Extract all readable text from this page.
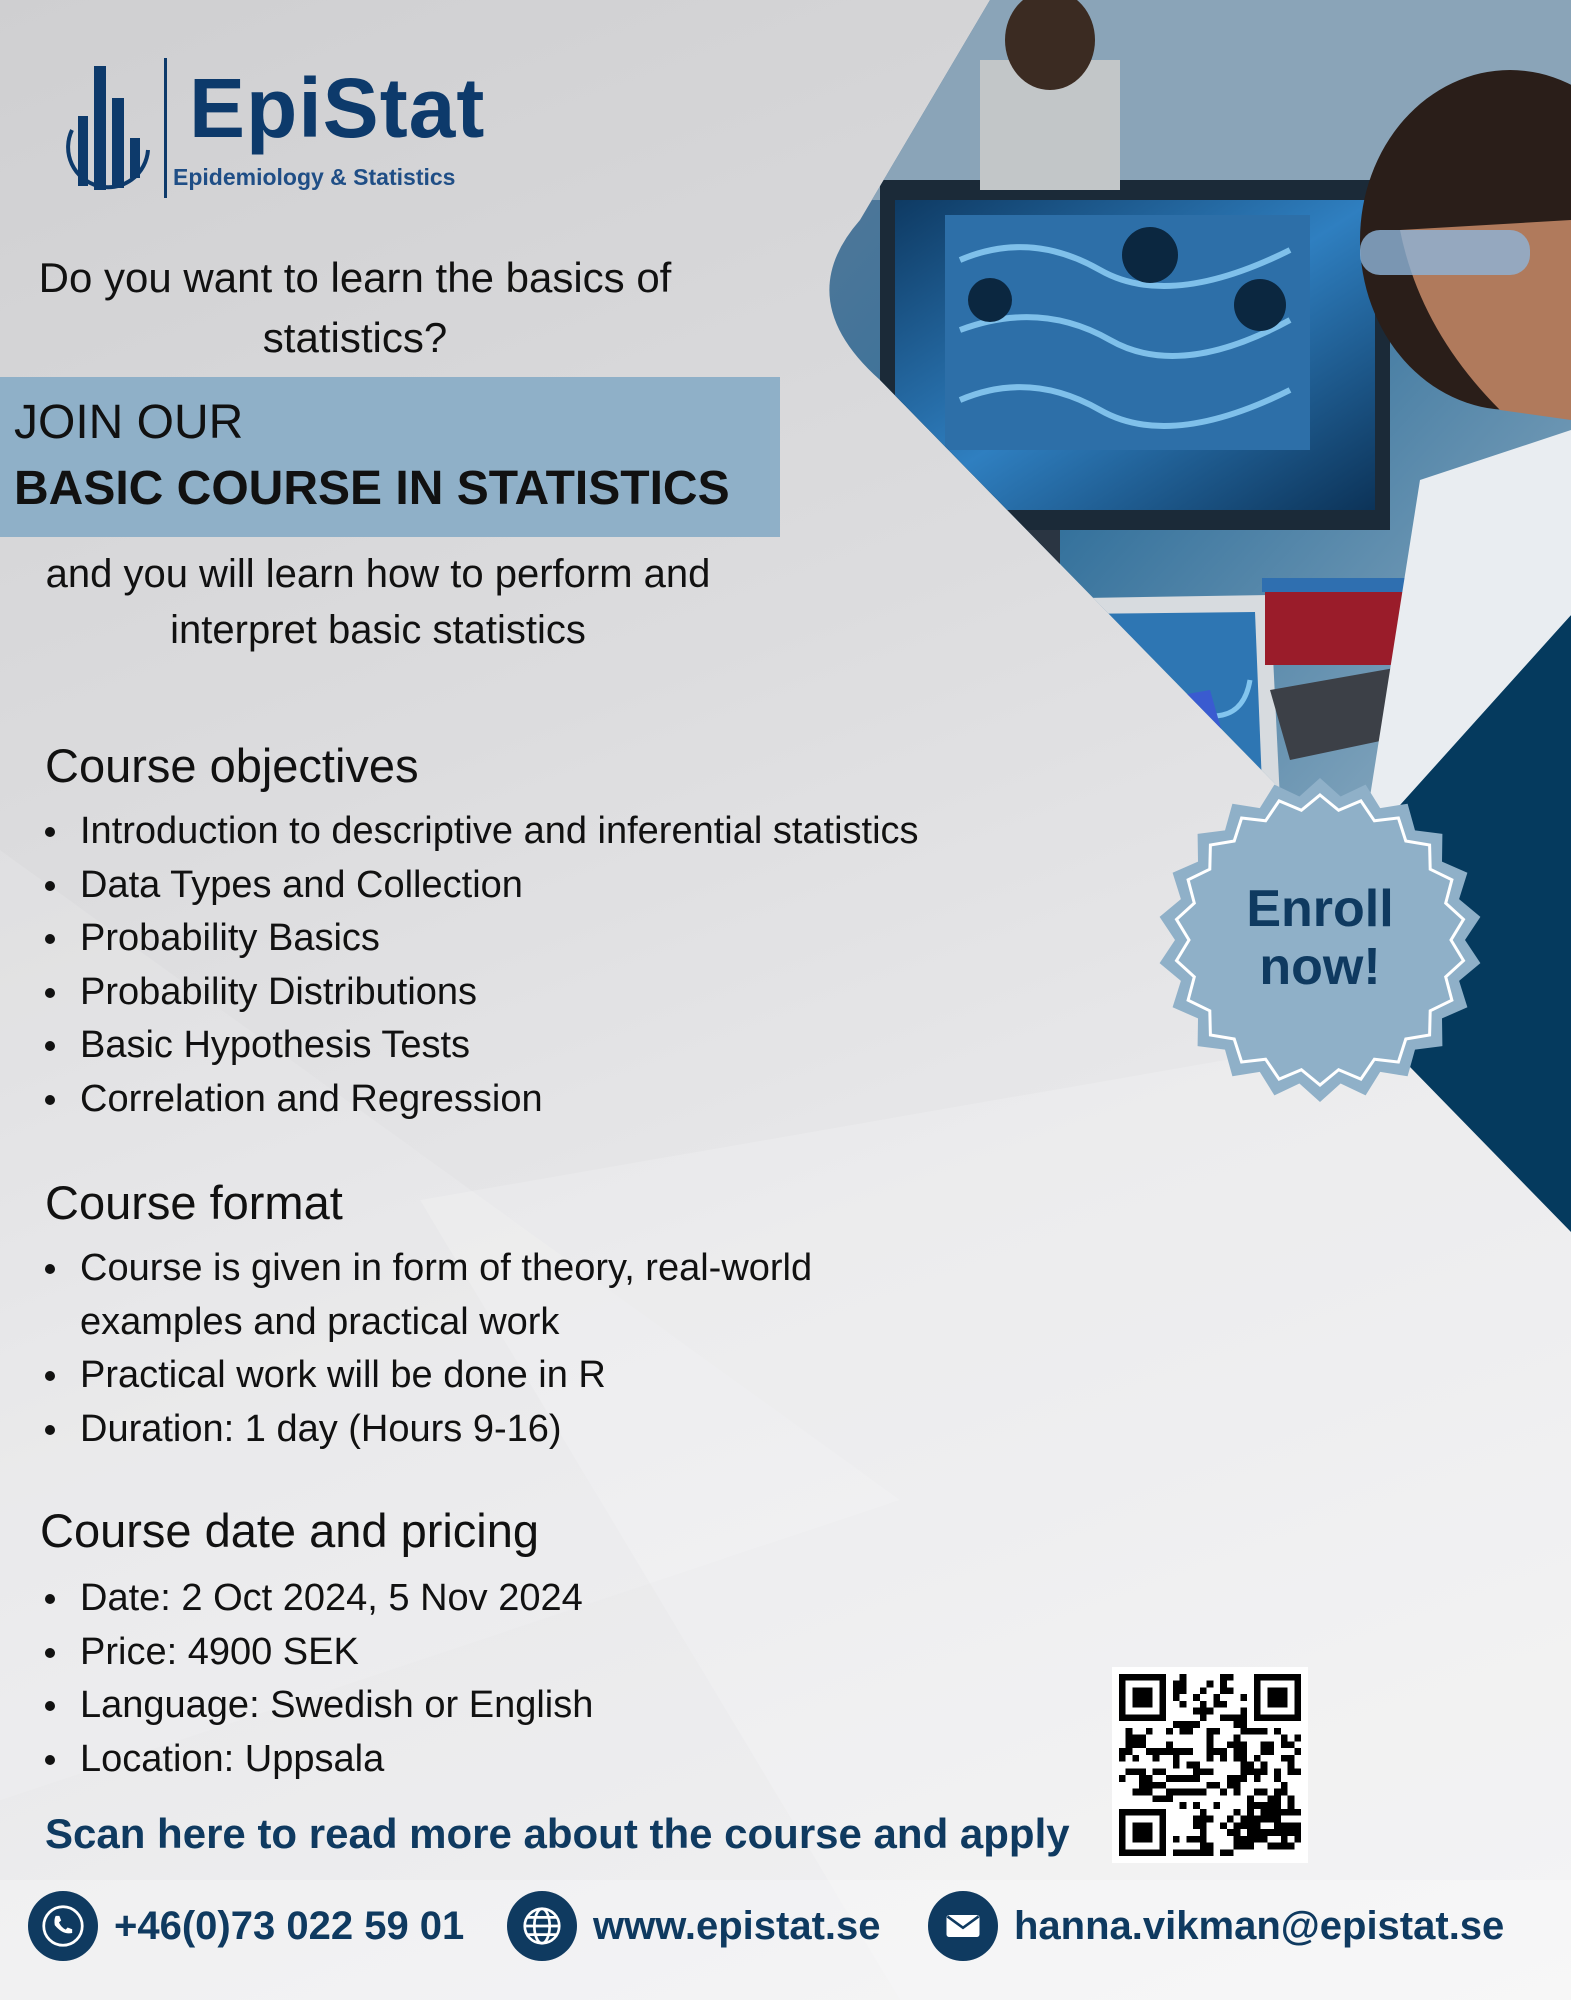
EpiStat
Epidemiology & Statistics
Do you want to learn the basics of statistics?
JOIN OUR
BASIC COURSE IN STATISTICS
and you will learn how to perform and interpret basic statistics
Course objectives
Introduction to descriptive and inferential statistics
Data Types and Collection
Probability Basics
Probability Distributions
Basic Hypothesis Tests
Correlation and Regression
Course format
Course is given in form of theory, real-world examples and practical work
Practical work will be done in R
Duration: 1 day (Hours 9-16)
Course date and pricing
Date: 2 Oct 2024, 5 Nov 2024
Price: 4900 SEK
Language: Swedish or English
Location: Uppsala
Enroll
now!
Scan here to read more about the course and apply
+46(0)73 022 59 01	www.epistat.se	hanna.vikman@epistat.se
